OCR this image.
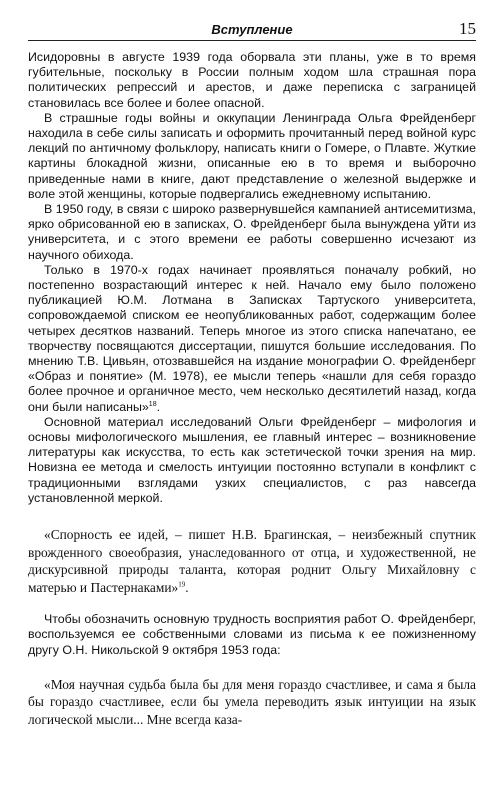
Вступление	15

Исидоровны в августе 1939 года оборвала эти планы, уже в то время губительные, поскольку в России полным ходом шла страшная пора политических репрессий и арестов, и даже переписка с заграницей становилась все более и более опасной.

В страшные годы войны и оккупации Ленинграда Ольга Фрейденберг находила в себе силы записать и оформить прочитанный перед войной курс лекций по античному фольклору, написать книги о Гомере, о Плавте. Жуткие картины блокадной жизни, описанные ею в то время и выборочно приведенные нами в книге, дают представление о железной выдержке и воле этой женщины, которые подвергались ежедневному испытанию.

В 1950 году, в связи с широко развернувшейся кампанией антисемитизма, ярко обрисованной ею в записках, О. Фрейденберг была вынуждена уйти из университета, и с этого времени ее работы совершенно исчезают из научного обихода.

Только в 1970-х годах начинает проявляться поначалу робкий, но постепенно возрастающий интерес к ней. Начало ему было положено публикацией Ю.М. Лотмана в Записках Тартуского университета, сопровождаемой списком ее неопубликованных работ, содержащим более четырех десятков названий. Теперь многое из этого списка напечатано, ее творчеству посвящаются диссертации, пишутся большие исследования. По мнению Т.В. Цивьян, отозвавшейся на издание монографии О. Фрейденберг «Образ и понятие» (М. 1978), ее мысли теперь «нашли для себя гораздо более прочное и органичное место, чем несколько десятилетий назад, когда они были написаны»$^{18}$.

Основной материал исследований Ольги Фрейденберг – мифология и основы мифологического мышления, ее главный интерес – возникновение литературы как искусства, то есть как эстетической точки зрения на мир. Новизна ее метода и смелость интуиции постоянно вступали в конфликт с традиционными взглядами узких специалистов, с раз навсегда установленной меркой.

«Спорность ее идей, – пишет Н.В. Брагинская, – неизбежный спутник врожденного своеобразия, унаследованного от отца, и художественной, не дискурсивной природы таланта, которая роднит Ольгу Михайловну с матерью и Пастернаками»$^{19}$.

Чтобы обозначить основную трудность восприятия работ О. Фрейденберг, воспользуемся ее собственными словами из письма к ее пожизненному другу О.Н. Никольской 9 октября 1953 года:

«Моя научная судьба была бы для меня гораздо счастливее, и сама я была бы гораздо счастливее, если бы умела переводить язык интуиции на язык логической мысли... Мне всегда каза-
